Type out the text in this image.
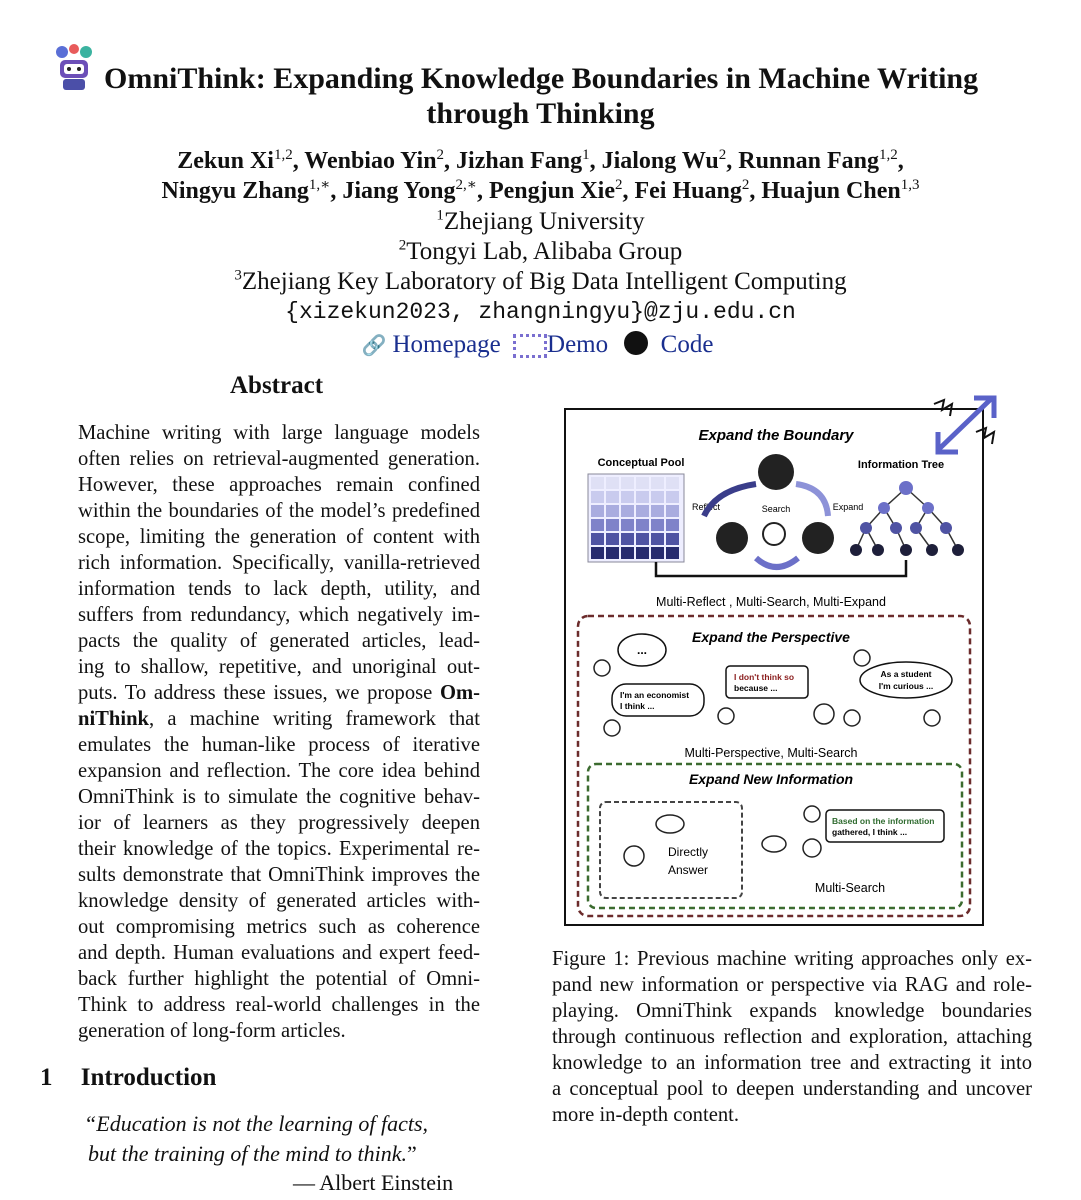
OmniThink: Expanding Knowledge Boundaries in Machine Writing
through Thinking
Zekun Xi$^{1,2}$, Wenbiao Yin$^2$, Jizhan Fang$^1$, Jialong Wu$^2$, Runnan Fang$^{1,2}$,
Ningyu Zhang$^{1,∗}$, Jiang Yong$^{2,∗}$, Pengjun Xie$^2$, Fei Huang$^2$, Huajun Chen$^{1,3}$
$^1$Zhejiang University
$^2$Tongyi Lab, Alibaba Group
$^3$Zhejiang Key Laboratory of Big Data Intelligent Computing
{xizekun2023, zhangningyu}@zju.edu.cn
🔗 Homepage Demo Code
Abstract
Machine writing with large language models
often relies on retrieval-augmented generation.
However, these approaches remain confined
within the boundaries of the model’s predefined
scope, limiting the generation of content with
rich information. Specifically, vanilla-retrieved
information tends to lack depth, utility, and
suffers from redundancy, which negatively im-
pacts the quality of generated articles, lead-
ing to shallow, repetitive, and unoriginal out-
puts. To address these issues, we propose Om-
niThink, a machine writing framework that
emulates the human-like process of iterative
expansion and reflection. The core idea behind
OmniThink is to simulate the cognitive behav-
ior of learners as they progressively deepen
their knowledge of the topics. Experimental re-
sults demonstrate that OmniThink improves the
knowledge density of generated articles with-
out compromising metrics such as coherence
and depth. Human evaluations and expert feed-
back further highlight the potential of Omni-
Think to address real-world challenges in the
generation of long-form articles.
1 Introduction
“Education is not the learning of facts,
but the training of the mind to think.”
— Albert Einstein
Expand the Boundary
Conceptual Pool	Information Tree
Reflect	Search	Expand
Multi-Reflect , Multi-Search, Multi-Expand
Expand the Perspective
...
I'm an economist
I think ...
I don't think so
because ...
As a student
I'm curious ...
Multi-Perspective, Multi-Search
Expand New Information
Directly
Answer
Based on the information
gathered, I think ...
Multi-Search
Figure 1: Previous machine writing approaches only ex-
pand new information or perspective via RAG and role-
playing. OmniThink expands knowledge boundaries
through continuous reflection and exploration, attaching
knowledge to an information tree and extracting it into
a conceptual pool to deepen understanding and uncover
more in-depth content.
